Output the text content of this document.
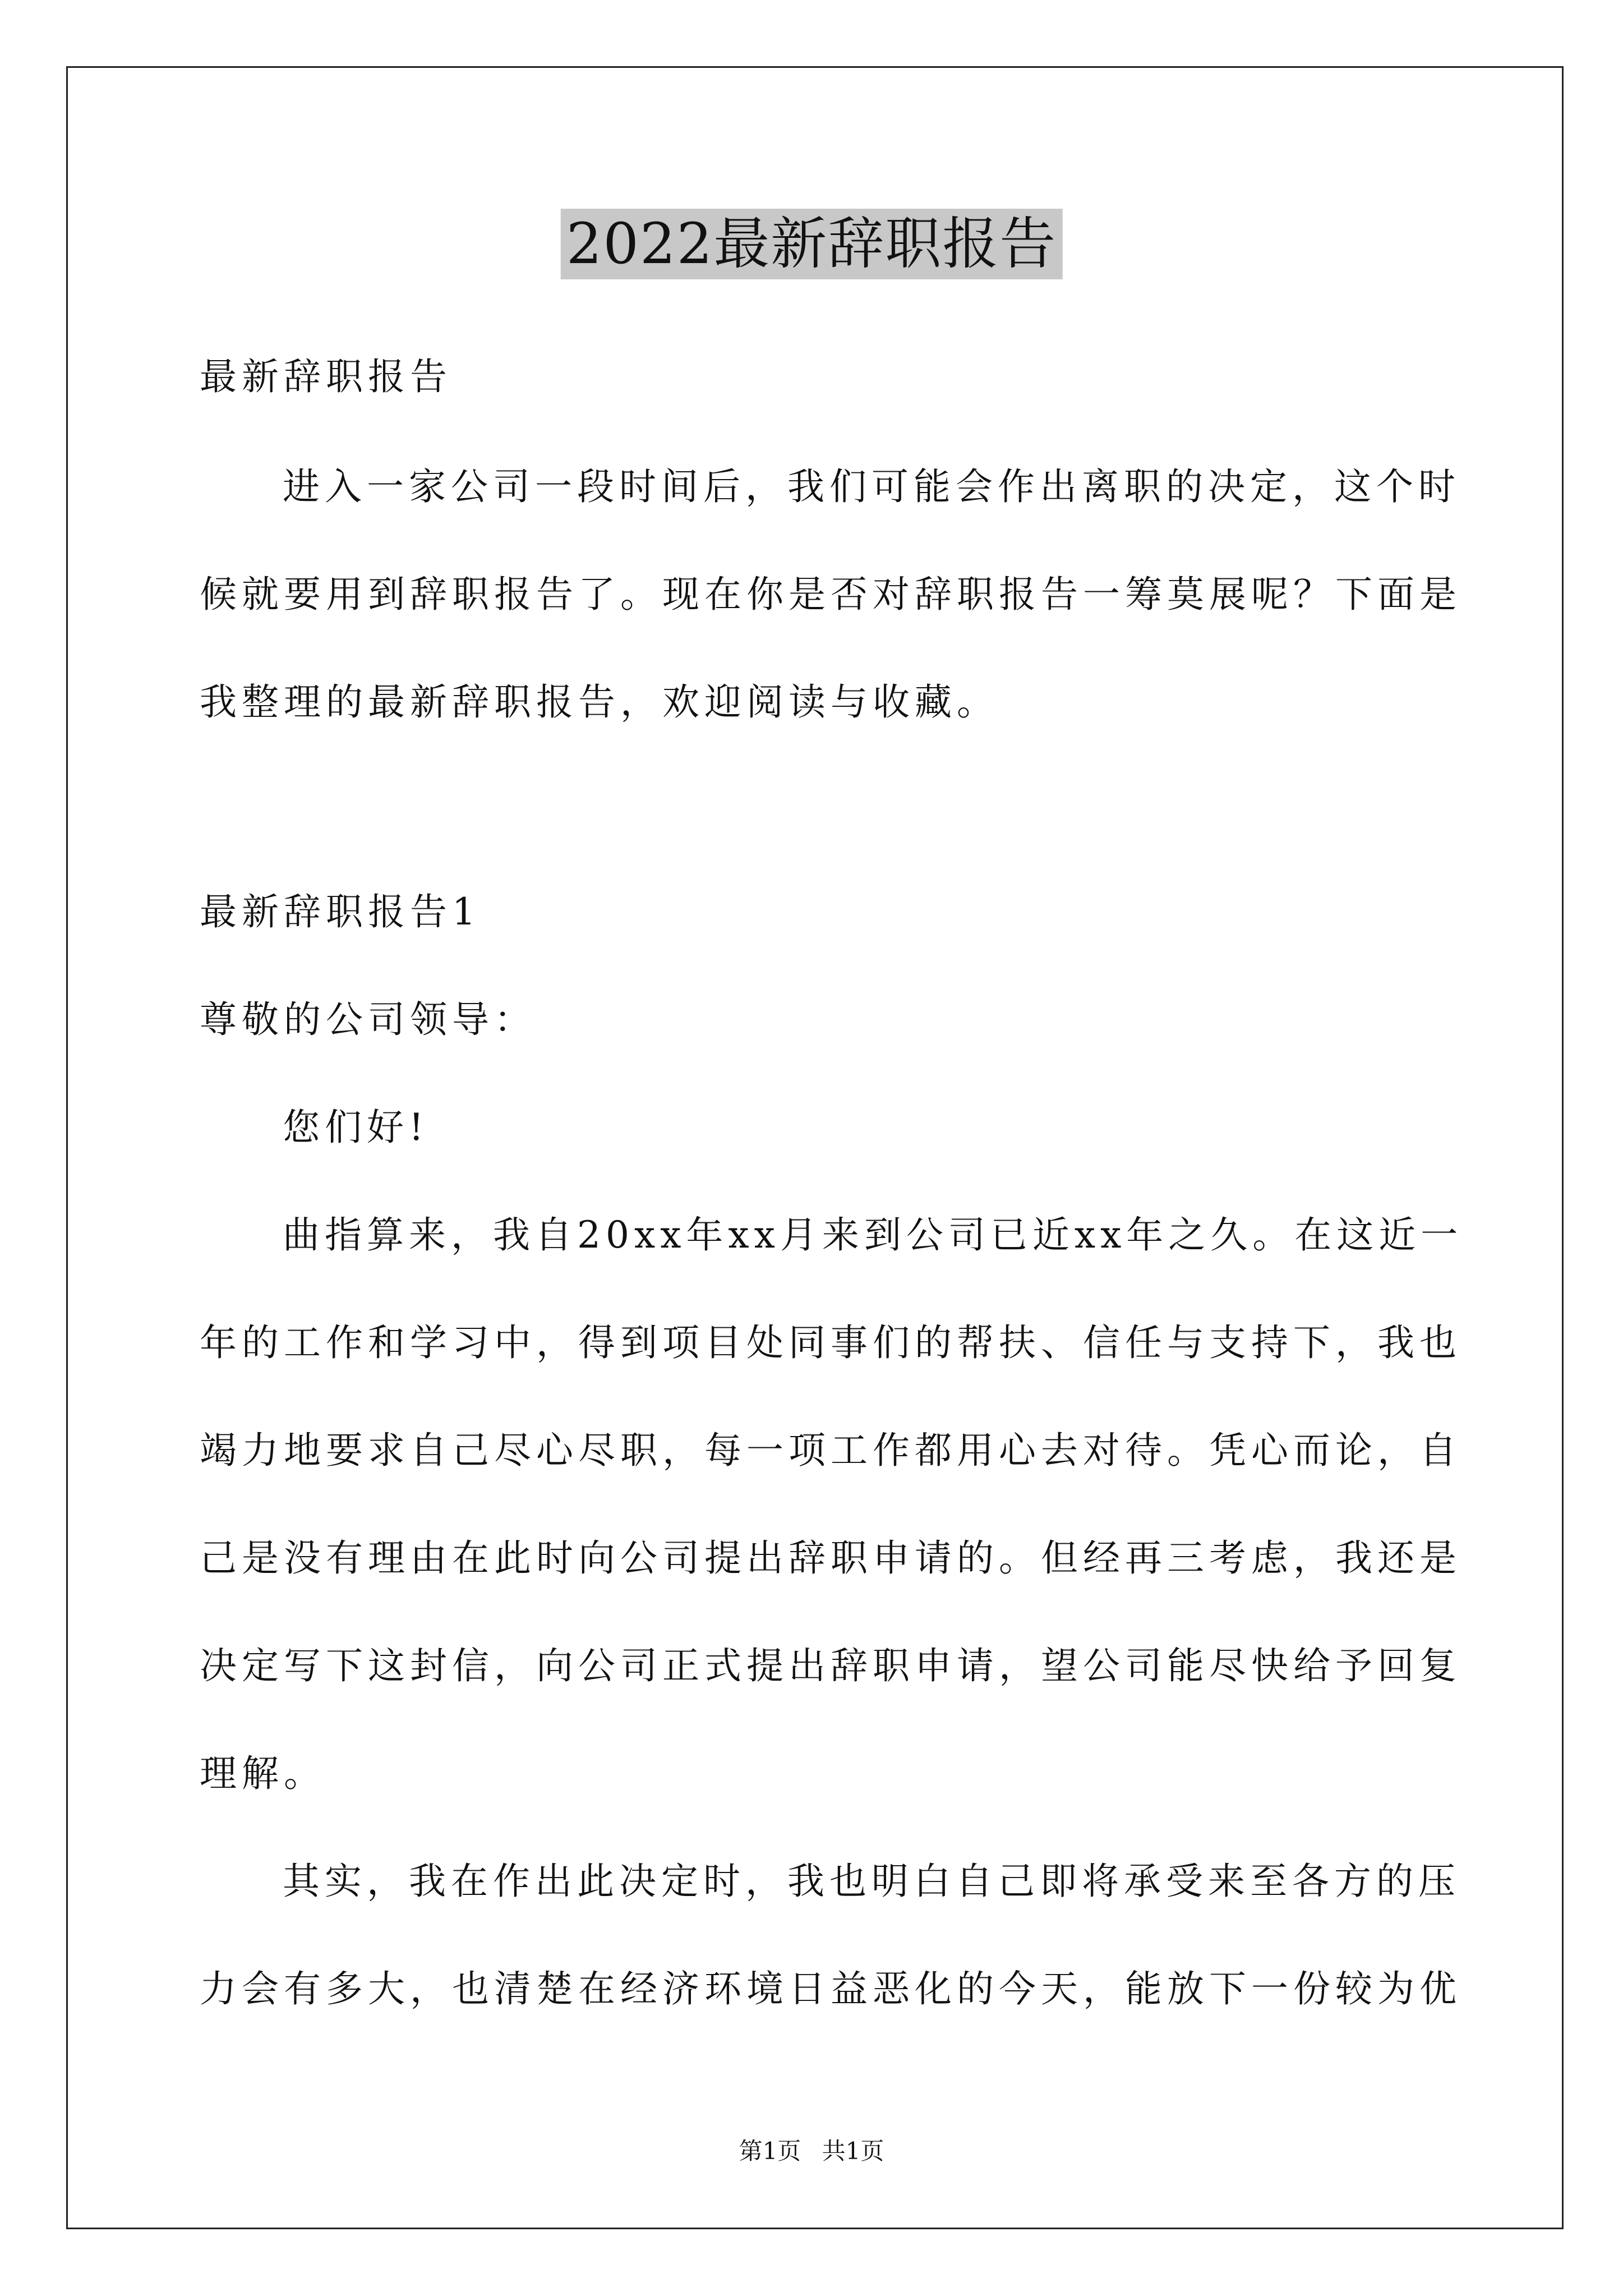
2022最新辞职报告
最新辞职报告
进入一家公司一段时间后，我们可能会作出离职的决定，这个时
候就要用到辞职报告了。现在你是否对辞职报告一筹莫展呢？下面是
我整理的最新辞职报告，欢迎阅读与收藏。
最新辞职报告1
尊敬的公司领导：
您们好!
曲指算来，我自20xx年xx月来到公司已近xx年之久。在这近一
年的工作和学习中，得到项目处同事们的帮扶、信任与支持下，我也
竭力地要求自己尽心尽职，每一项工作都用心去对待。凭心而论，自
己是没有理由在此时向公司提出辞职申请的。但经再三考虑，我还是
决定写下这封信，向公司正式提出辞职申请，望公司能尽快给予回复
理解。
其实，我在作出此决定时，我也明白自己即将承受来至各方的压
力会有多大，也清楚在经济环境日益恶化的今天，能放下一份较为优
第1页 共1页
